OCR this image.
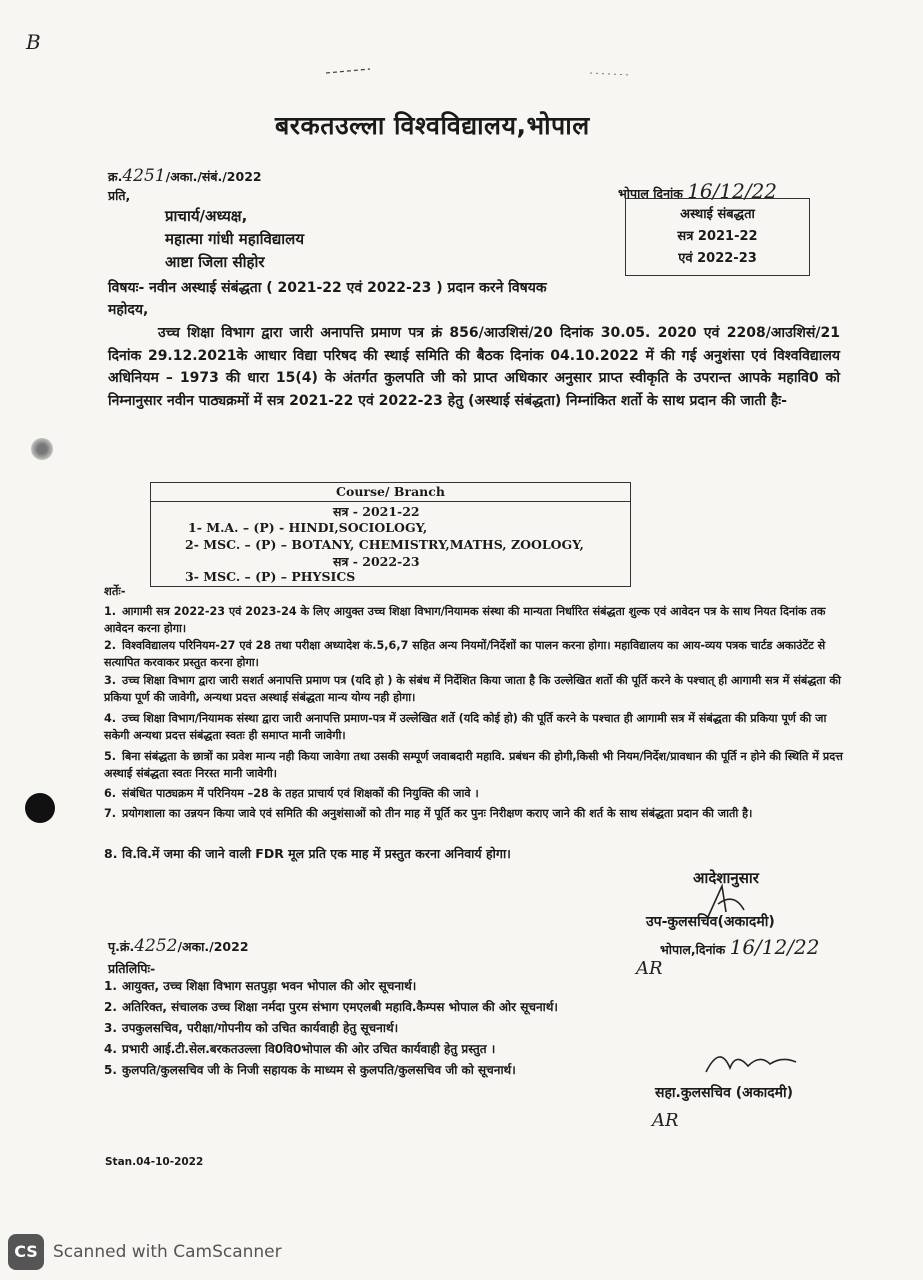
B
बरकतउल्ला विश्वविद्यालय,भोपाल
क्र.4251/अका./संबं./2022
प्रति,	भोपाल दिनांक 16/12/22
प्राचार्य/अध्यक्ष,
महात्मा गांधी महाविद्यालय
आष्टा जिला सीहोर
अस्थाई संबद्धता
सत्र 2021-22
एवं 2022-23
विषयः- नवीन अस्थाई संबंद्धता ( 2021-22 एवं 2022-23 ) प्रदान करने विषयक
महोदय,
उच्च शिक्षा विभाग द्वारा जारी अनापत्ति प्रमाण पत्र क्रं 856/आउशिसं/20 दिनांक 30.05. 2020 एवं 2208/आउशिसं/21 दिनांक 29.12.2021के आधार विद्या परिषद की स्थाई समिति की बैठक दिनांक 04.10.2022 में की गई अनुशंसा एवं विश्वविद्यालय अधिनियम – 1973 की धारा 15(4) के अंतर्गत कुलपति जी को प्राप्त अधिकार अनुसार प्राप्त स्वीकृति के उपरान्त आपके महावि0 को निम्नानुसार नवीन पाठ्यक्रमों में सत्र 2021-22 एवं 2022-23 हेतु (अस्थाई संबंद्धता) निम्नांकित शर्तो के साथ प्रदान की जाती हैः-
Course/ Branch
सत्र - 2021-22
1- M.A. – (P) - HINDI,SOCIOLOGY,
2- MSC. – (P) – BOTANY, CHEMISTRY,MATHS, ZOOLOGY,
सत्र - 2022-23
3- MSC. – (P) – PHYSICS
शर्तेः-
1. आगामी सत्र 2022-23 एवं 2023-24 के लिए आयुक्त उच्च शिक्षा विभाग/नियामक संस्था की मान्यता निर्धारित संबंद्धता शुल्क एवं आवेदन पत्र के साथ नियत दिनांक तक आवेदन करना होगा।
2. विश्वविद्यालय परिनियम-27 एवं 28 तथा परीक्षा अध्यादेश कं.5,6,7 सहित अन्य नियमों/निर्देशों का पालन करना होगा। महाविद्यालय का आय-व्यय पत्रक चार्टड अकाउंटेंट से सत्यापित करवाकर प्रस्तुत करना होगा।
3. उच्च शिक्षा विभाग द्वारा जारी सशर्त अनापत्ति प्रमाण पत्र (यदि हो ) के संबंध में निर्देशित किया जाता है कि उल्लेखित शर्तो की पूर्ति करने के पश्चात् ही आगामी सत्र में संबंद्धता की प्रकिया पूर्ण की जावेगी, अन्यथा प्रदत्त अस्थाई संबंद्धता मान्य योग्य नही होगा।
4. उच्च शिक्षा विभाग/नियामक संस्था द्वारा जारी अनापत्ति प्रमाण-पत्र में उल्लेखित शर्ते (यदि कोई हो) की पूर्ति करने के पश्चात ही आगामी सत्र में संबंद्धता की प्रकिया पूर्ण की जा सकेगी अन्यथा प्रदत्त संबंद्धता स्वतः ही समाप्त मानी जावेगी।
5. बिना संबंद्धता के छात्रों का प्रवेश मान्य नही किया जावेगा तथा उसकी सम्पूर्ण जवाबदारी महावि. प्रबंधन की होगी,किसी भी नियम/निर्देश/प्रावधान की पूर्ति न होने की स्थिति में प्रदत्त अस्थाई संबंद्धता स्वतः निरस्त मानी जावेगी।
6. संबंधित पाठ्यक्रम में परिनियम –28 के तहत प्राचार्य एवं शिक्षकों की नियुक्ति की जावे ।
7. प्रयोगशाला का उन्नयन किया जावे एवं समिति की अनुशंसाओं को तीन माह में पूर्ति कर पुनः निरीक्षण कराए जाने की शर्त के साथ संबंद्धता प्रदान की जाती है।
8. वि.वि.में जमा की जाने वाली FDR मूल प्रति एक माह में प्रस्तुत करना अनिवार्य होगा।
आदेशानुसार
उप-कुलसचिव(अकादमी)
पृ.क्रं.4252/अका./2022	भोपाल,दिनांक 16/12/22
AR
प्रतिलिपिः-
1. आयुक्त, उच्च शिक्षा विभाग सतपुड़ा भवन भोपाल की ओर सूचनार्थ।
2. अतिरिक्त, संचालक उच्च शिक्षा नर्मदा पुरम संभाग एमएलबी महावि.कैम्पस भोपाल की ओर सूचनार्थ।
3. उपकुलसचिव, परीक्षा/गोपनीय को उचित कार्यवाही हेतु सूचनार्थ।
4. प्रभारी आई.टी.सेल.बरकतउल्ला वि0वि0भोपाल की ओर उचित कार्यवाही हेतु प्रस्तुत ।
5. कुलपति/कुलसचिव जी के निजी सहायक के माध्यम से कुलपति/कुलसचिव जी को सूचनार्थ।
सहा.कुलसचिव (अकादमी)
AR
Stan.04-10-2022
CS Scanned with CamScanner
